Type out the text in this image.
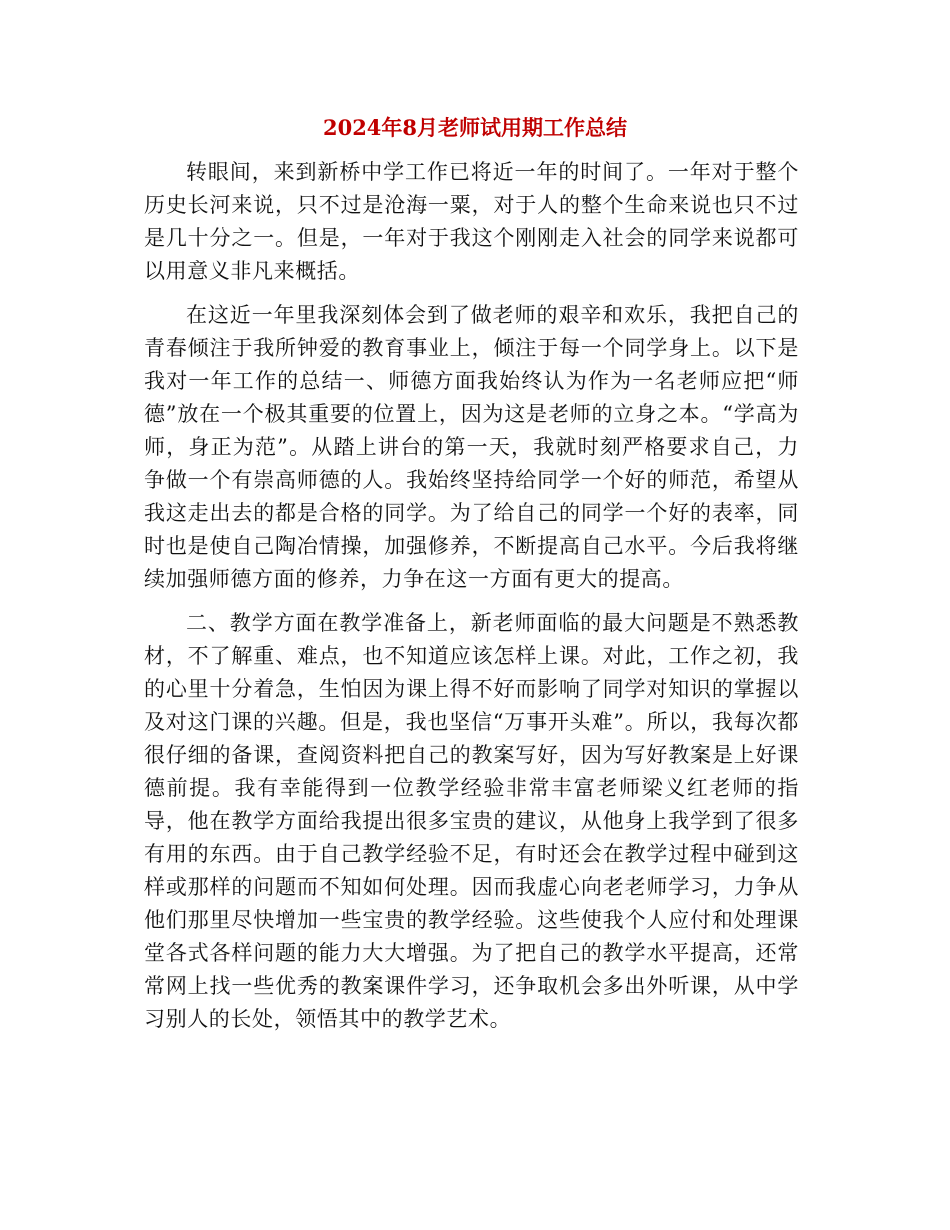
2024年8月老师试用期工作总结

转眼间，来到新桥中学工作已将近一年的时间了。一年对于整个历史长河来说，只不过是沧海一粟，对于人的整个生命来说也只不过是几十分之一。但是，一年对于我这个刚刚走入社会的同学来说都可以用意义非凡来概括。

在这近一年里我深刻体会到了做老师的艰辛和欢乐，我把自己的青春倾注于我所钟爱的教育事业上，倾注于每一个同学身上。以下是我对一年工作的总结一、师德方面我始终认为作为一名老师应把“师德”放在一个极其重要的位置上，因为这是老师的立身之本。“学高为师，身正为范”。从踏上讲台的第一天，我就时刻严格要求自己，力争做一个有崇高师德的人。我始终坚持给同学一个好的师范，希望从我这走出去的都是合格的同学。为了给自己的同学一个好的表率，同时也是使自己陶冶情操，加强修养，不断提高自己水平。今后我将继续加强师德方面的修养，力争在这一方面有更大的提高。

二、教学方面在教学准备上，新老师面临的最大问题是不熟悉教材，不了解重、难点，也不知道应该怎样上课。对此，工作之初，我的心里十分着急，生怕因为课上得不好而影响了同学对知识的掌握以及对这门课的兴趣。但是，我也坚信“万事开头难”。所以，我每次都很仔细的备课，查阅资料把自己的教案写好，因为写好教案是上好课德前提。我有幸能得到一位教学经验非常丰富老师梁义红老师的指导，他在教学方面给我提出很多宝贵的建议，从他身上我学到了很多有用的东西。由于自己教学经验不足，有时还会在教学过程中碰到这样或那样的问题而不知如何处理。因而我虚心向老老师学习，力争从他们那里尽快增加一些宝贵的教学经验。这些使我个人应付和处理课堂各式各样问题的能力大大增强。为了把自己的教学水平提高，还常常网上找一些优秀的教案课件学习，还争取机会多出外听课，从中学习别人的长处，领悟其中的教学艺术。
